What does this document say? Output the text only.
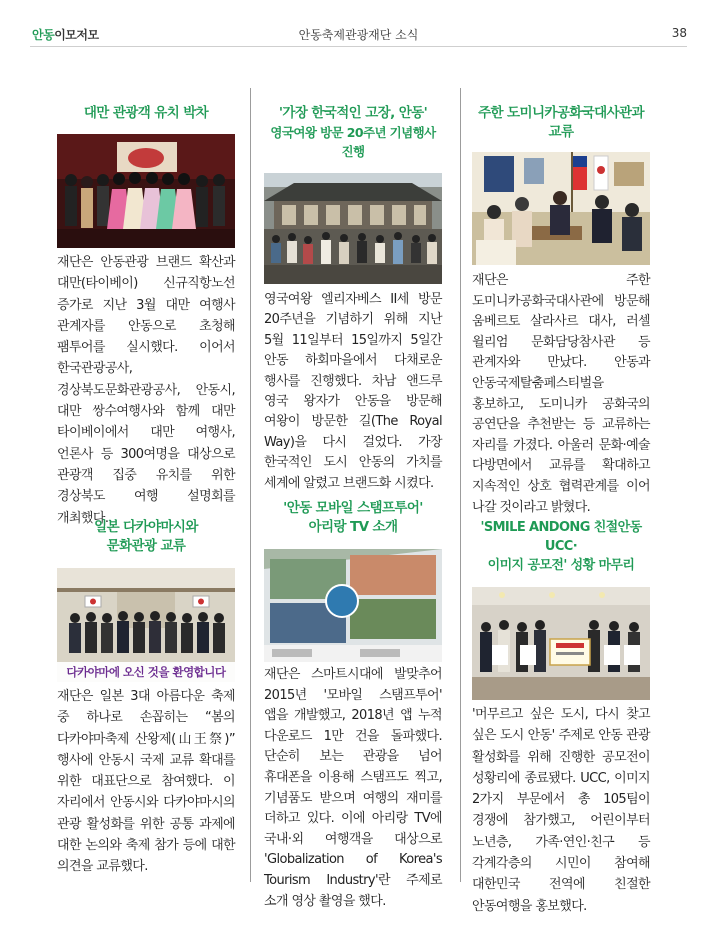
안동이모저모	안동축제관광재단 소식	38
대만 관광객 유치 박차
재단은 안동관광 브랜드 확산과 대만(타이베이) 신규직항노선 증가로 지난 3월 대만 여행사 관계자를 안동으로 초청해 팸투어를 실시했다. 이어서 한국관광공사, 경상북도문화관광공사, 안동시, 대만 쌍수여행사와 함께 대만 타이베이에서 대만 여행사, 언론사 등 300여명을 대상으로 관광객 집중 유치를 위한 경상북도 여행 설명회를 개최했다.
'가장 한국적인 고장, 안동'
영국여왕 방문 20주년 기념행사 진행
영국여왕 엘리자베스 II세 방문 20주년을 기념하기 위해 지난 5월 11일부터 15일까지 5일간 안동 하회마을에서 다채로운 행사를 진행했다. 차남 앤드루 영국 왕자가 안동을 방문해 여왕이 방문한 길(The Royal Way)을 다시 걸었다. 가장 한국적인 도시 안동의 가치를 세계에 알렸고 브랜드화 시켰다.
주한 도미니카공화국대사관과
교류
재단은 주한 도미니카공화국대사관에 방문해 움베르토 살라사르 대사, 러셀 윌리엄 문화담당참사관 등 관계자와 만났다. 안동과 안동국제탈춤페스티벌을 홍보하고, 도미니카 공화국의 공연단을 추천받는 등 교류하는 자리를 가졌다. 아울러 문화·예술 다방면에서 교류를 확대하고 지속적인 상호 협력관계를 이어 나갈 것이라고 밝혔다.
일본 다카야마시와
문화관광 교류
다카야마에 오신 것을 환영합니다
재단은 일본 3대 아름다운 축제 중 하나로 손꼽히는 “봄의 다카야마축제 산왕제(山王祭)” 행사에 안동시 국제 교류 확대를 위한 대표단으로 참여했다. 이 자리에서 안동시와 다카야마시의 관광 활성화를 위한 공통 과제에 대한 논의와 축제 참가 등에 대한 의견을 교류했다.
'안동 모바일 스탬프투어'
아리랑 TV 소개
재단은 스마트시대에 발맞추어 2015년 '모바일 스탬프투어' 앱을 개발했고, 2018년 앱 누적 다운로드 1만 건을 돌파했다. 단순히 보는 관광을 넘어 휴대폰을 이용해 스탬프도 찍고, 기념품도 받으며 여행의 재미를 더하고 있다. 이에 아리랑 TV에 국내·외 여행객을 대상으로 'Globalization of Korea's Tourism Industry'란 주제로 소개 영상 촬영을 했다.
'SMILE ANDONG 친절안동 UCC·
이미지 공모전' 성황 마무리
'머무르고 싶은 도시, 다시 찾고 싶은 도시 안동' 주제로 안동 관광 활성화를 위해 진행한 공모전이 성황리에 종료됐다. UCC, 이미지 2가지 부문에서 총 105팀이 경쟁에 참가했고, 어린이부터 노년층, 가족·연인·친구 등 각계각층의 시민이 참여해 대한민국 전역에 친절한 안동여행을 홍보했다.
